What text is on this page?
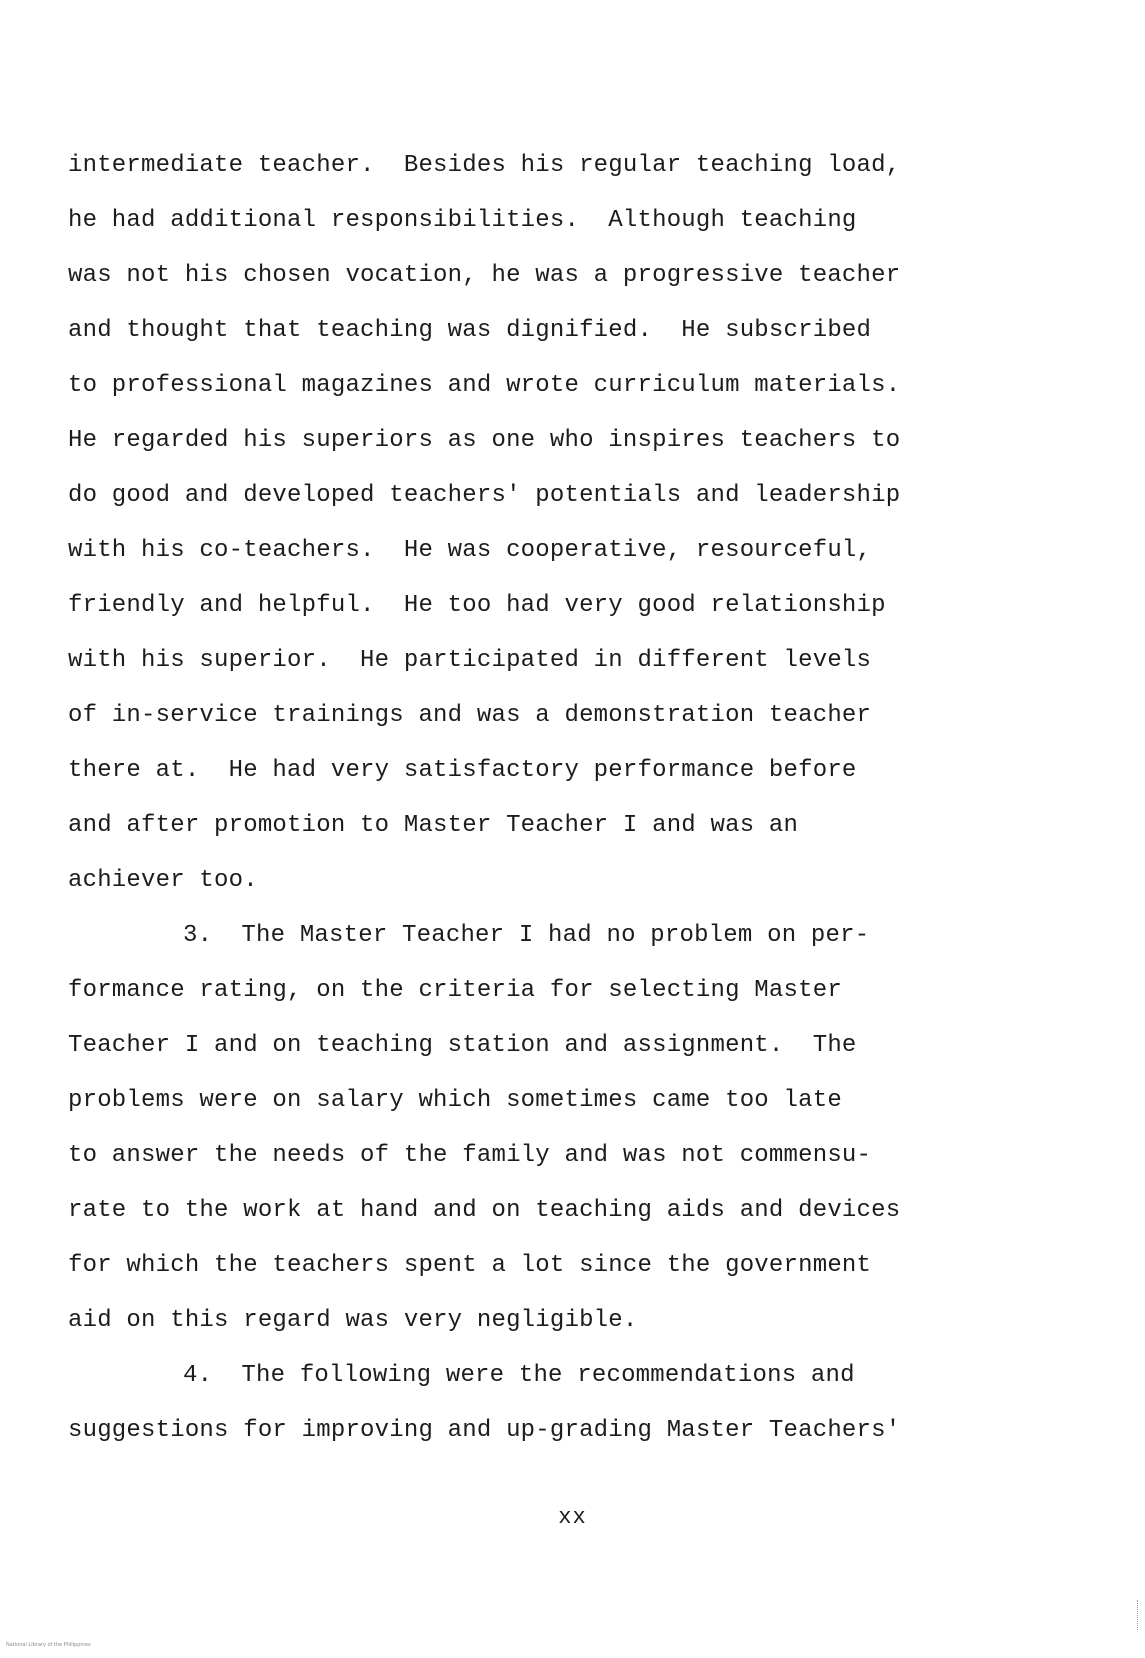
intermediate teacher.  Besides his regular teaching load,
he had additional responsibilities.  Although teaching
was not his chosen vocation, he was a progressive teacher
and thought that teaching was dignified.  He subscribed
to professional magazines and wrote curriculum materials.
He regarded his superiors as one who inspires teachers to
do good and developed teachers' potentials and leadership
with his co-teachers.  He was cooperative, resourceful,
friendly and helpful.  He too had very good relationship
with his superior.  He participated in different levels
of in-service trainings and was a demonstration teacher
there at.  He had very satisfactory performance before
and after promotion to Master Teacher I and was an
achiever too.
3.  The Master Teacher I had no problem on per-
formance rating, on the criteria for selecting Master
Teacher I and on teaching station and assignment.  The
problems were on salary which sometimes came too late
to answer the needs of the family and was not commensu-
rate to the work at hand and on teaching aids and devices
for which the teachers spent a lot since the government
aid on this regard was very negligible.
4.  The following were the recommendations and
suggestions for improving and up-grading Master Teachers'
xx
National Library of the Philippines
